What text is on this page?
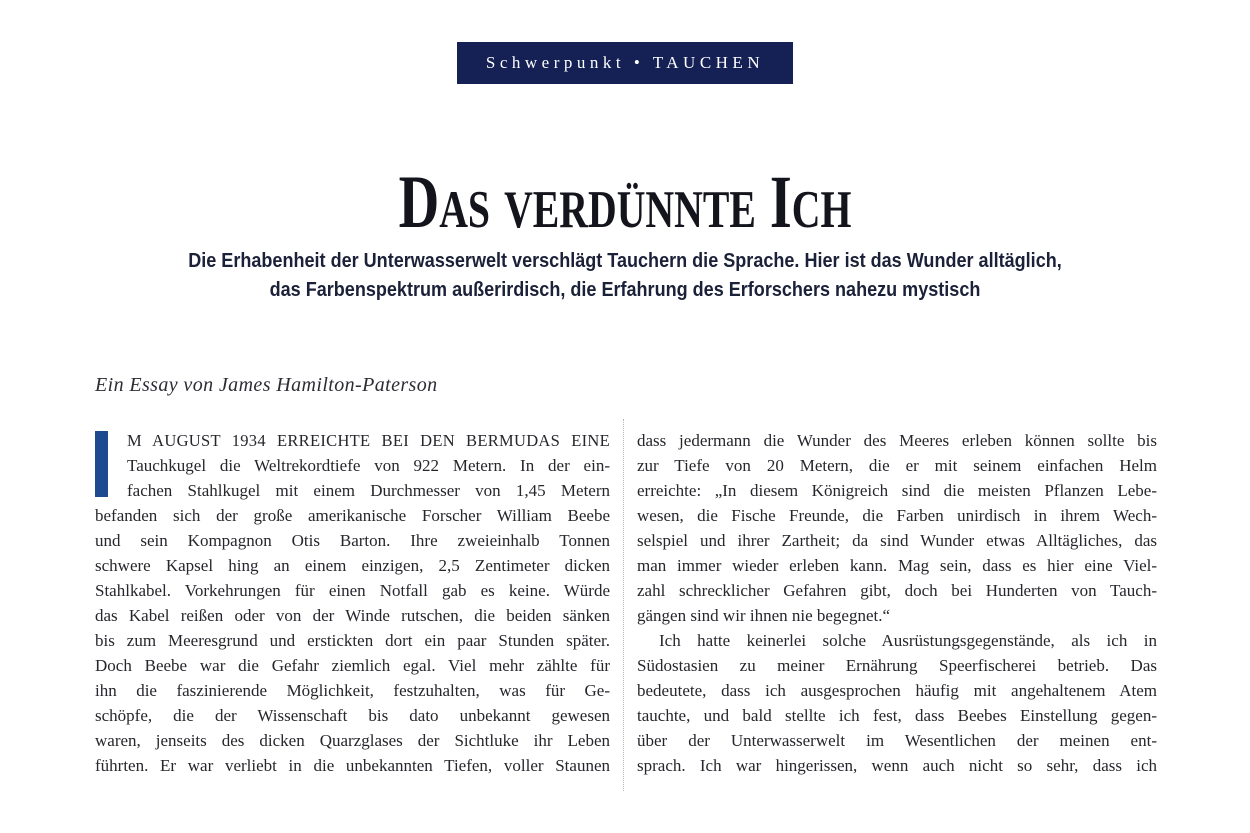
Schwerpunkt • TAUCHEN
Das verdünnte Ich
Die Erhabenheit der Unterwasserwelt verschlägt Tauchern die Sprache. Hier ist das Wunder alltäglich,
das Farbenspektrum außerirdisch, die Erfahrung des Erforschers nahezu mystisch
Ein Essay von James Hamilton-Paterson
M AUGUST 1934 ERREICHTE BEI DEN BERMUDAS EINE
Tauchkugel die Weltrekordtiefe von 922 Metern. In der ein-
fachen Stahlkugel mit einem Durchmesser von 1,45 Metern
befanden sich der große amerikanische Forscher William Beebe
und sein Kompagnon Otis Barton. Ihre zweieinhalb Tonnen
schwere Kapsel hing an einem einzigen, 2,5 Zentimeter dicken
Stahlkabel. Vorkehrungen für einen Notfall gab es keine. Würde
das Kabel reißen oder von der Winde rutschen, die beiden sänken
bis zum Meeresgrund und erstickten dort ein paar Stunden später.
Doch Beebe war die Gefahr ziemlich egal. Viel mehr zählte für
ihn die faszinierende Möglichkeit, festzuhalten, was für Ge-
schöpfe, die der Wissenschaft bis dato unbekannt gewesen
waren, jenseits des dicken Quarzglases der Sichtluke ihr Leben
führten. Er war verliebt in die unbekannten Tiefen, voller Staunen
dass jedermann die Wunder des Meeres erleben können sollte bis
zur Tiefe von 20 Metern, die er mit seinem einfachen Helm
erreichte: „In diesem Königreich sind die meisten Pflanzen Lebe-
wesen, die Fische Freunde, die Farben unirdisch in ihrem Wech-
selspiel und ihrer Zartheit; da sind Wunder etwas Alltägliches, das
man immer wieder erleben kann. Mag sein, dass es hier eine Viel-
zahl schrecklicher Gefahren gibt, doch bei Hunderten von Tauch-
gängen sind wir ihnen nie begegnet.“
Ich hatte keinerlei solche Ausrüstungsgegenstände, als ich in
Südostasien zu meiner Ernährung Speerfischerei betrieb. Das
bedeutete, dass ich ausgesprochen häufig mit angehaltenem Atem
tauchte, und bald stellte ich fest, dass Beebes Einstellung gegen-
über der Unterwasserwelt im Wesentlichen der meinen ent-
sprach. Ich war hingerissen, wenn auch nicht so sehr, dass ich
